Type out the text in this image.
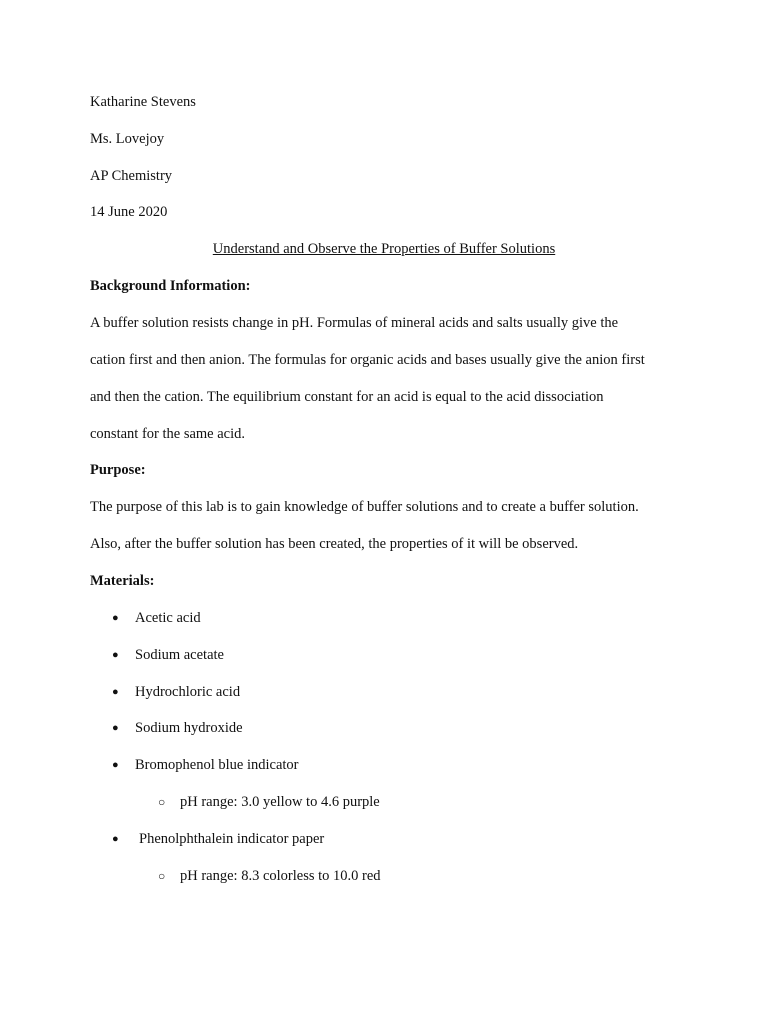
Katharine Stevens
Ms. Lovejoy
AP Chemistry
14 June 2020
Understand and Observe the Properties of Buffer Solutions
Background Information:
A buffer solution resists change in pH. Formulas of mineral acids and salts usually give the
cation first and then anion. The formulas for organic acids and bases usually give the anion first
and then the cation. The equilibrium constant for an acid is equal to the acid dissociation
constant for the same acid.
Purpose:
The purpose of this lab is to gain knowledge of buffer solutions and to create a buffer solution.
Also, after the buffer solution has been created, the properties of it will be observed.
Materials:
● Acetic acid
● Sodium acetate
● Hydrochloric acid
● Sodium hydroxide
● Bromophenol blue indicator
○ pH range: 3.0 yellow to 4.6 purple
● Phenolphthalein indicator paper
○ pH range: 8.3 colorless to 10.0 red
